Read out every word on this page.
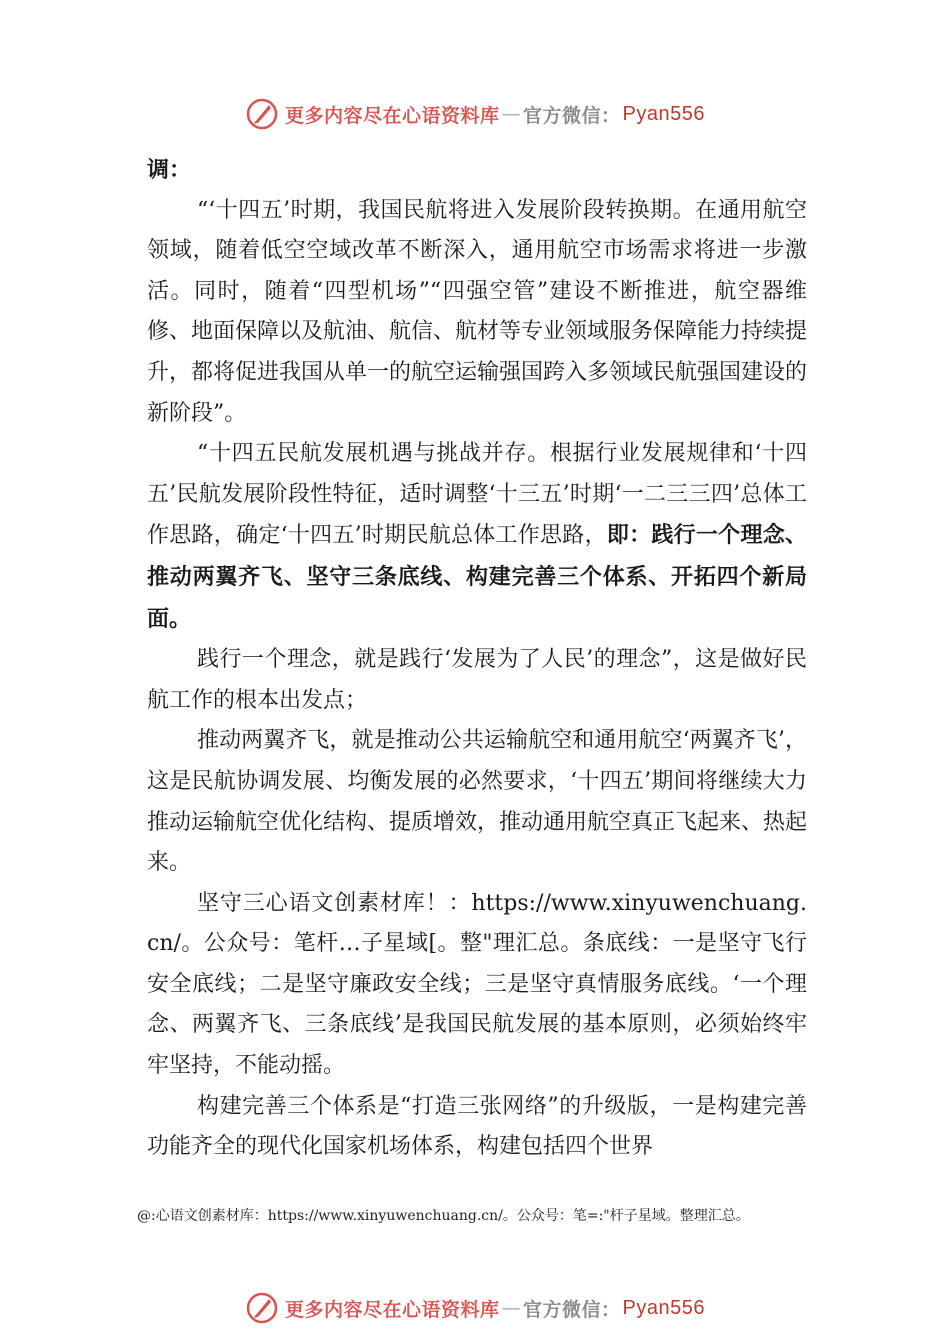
更多内容尽在心语资料库 — 官方微信： Pyan556

调：

“‘十四五’时期，我国民航将进入发展阶段转换期。在通用航空领域，随着低空空域改革不断深入，通用航空市场需求将进一步激活。同时，随着“四型机场”“四强空管”建设不断推进，航空器维修、地面保障以及航油、航信、航材等专业领域服务保障能力持续提升，都将促进我国从单一的航空运输强国跨入多领域民航强国建设的新阶段”。

“十四五民航发展机遇与挑战并存。根据行业发展规律和‘十四五’民航发展阶段性特征，适时调整‘十三五’时期‘一二三三四’总体工作思路，确定‘十四五’时期民航总体工作思路，即：践行一个理念、推动两翼齐飞、坚守三条底线、构建完善三个体系、开拓四个新局面。

践行一个理念，就是践行‘发展为了人民’的理念”，这是做好民航工作的根本出发点；

推动两翼齐飞，就是推动公共运输航空和通用航空‘两翼齐飞’，这是民航协调发展、均衡发展的必然要求，‘十四五’期间将继续大力推动运输航空优化结构、提质增效，推动通用航空真正飞起来、热起来。

坚守三心语文创素材库！：https://www.xinyuwenchuang.cn/。公众号：笔杆…子星域[。整"理汇总。条底线：一是坚守飞行安全底线；二是坚守廉政安全线；三是坚守真情服务底线。‘一个理念、两翼齐飞、三条底线’是我国民航发展的基本原则，必须始终牢牢坚持，不能动摇。

构建完善三个体系是“打造三张网络”的升级版，一是构建完善功能齐全的现代化国家机场体系，构建包括四个世界

@:心语文创素材库：https://www.xinyuwenchuang.cn/。公众号：笔=:"杆子星域。整理汇总。
更多内容尽在心语资料库 — 官方微信： Pyan556
